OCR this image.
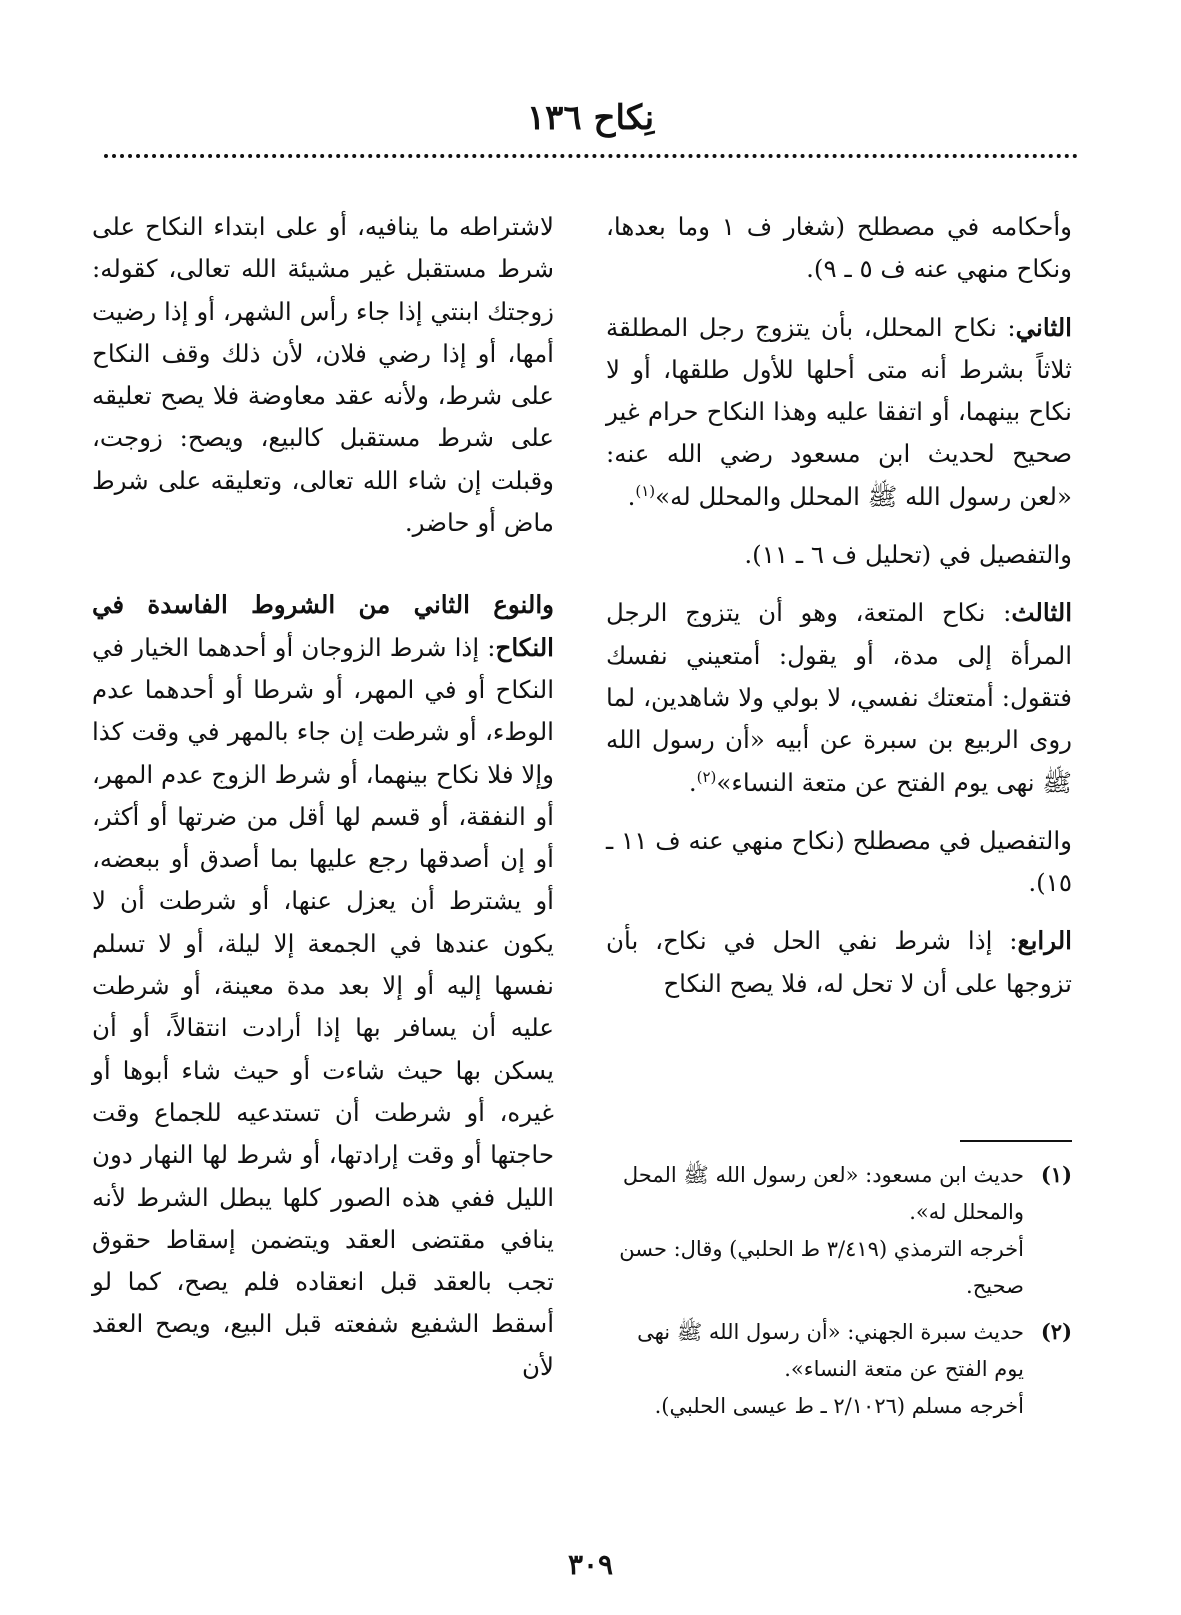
نِكاح ١٣٦

وأحكامه في مصطلح (شغار ف ١ وما بعدها، ونكاح منهي عنه ف ٥ ـ ٩).

الثاني: نكاح المحلل، بأن يتزوج رجل المطلقة ثلاثاً بشرط أنه متى أحلها للأول طلقها، أو لا نكاح بينهما، أو اتفقا عليه وهذا النكاح حرام غير صحيح لحديث ابن مسعود رضي الله عنه: «لعن رسول الله ﷺ المحلل والمحلل له»$^{(١)}$.

والتفصيل في (تحليل ف ٦ ـ ١١).

الثالث: نكاح المتعة، وهو أن يتزوج الرجل المرأة إلى مدة، أو يقول: أمتعيني نفسك فتقول: أمتعتك نفسي، لا بولي ولا شاهدين، لما روى الربيع بن سبرة عن أبيه «أن رسول الله ﷺ نهى يوم الفتح عن متعة النساء»$^{(٢)}$.

والتفصيل في مصطلح (نكاح منهي عنه ف ١١ ـ ١٥).

الرابع: إذا شرط نفي الحل في نكاح، بأن تزوجها على أن لا تحل له، فلا يصح النكاح

لاشتراطه ما ينافيه، أو على ابتداء النكاح على شرط مستقبل غير مشيئة الله تعالى، كقوله: زوجتك ابنتي إذا جاء رأس الشهر، أو إذا رضيت أمها، أو إذا رضي فلان، لأن ذلك وقف النكاح على شرط، ولأنه عقد معاوضة فلا يصح تعليقه على شرط مستقبل كالبيع، ويصح: زوجت، وقبلت إن شاء الله تعالى، وتعليقه على شرط ماض أو حاضر.

والنوع الثاني من الشروط الفاسدة في النكاح: إذا شرط الزوجان أو أحدهما الخيار في النكاح أو في المهر، أو شرطا أو أحدهما عدم الوطء، أو شرطت إن جاء بالمهر في وقت كذا وإلا فلا نكاح بينهما، أو شرط الزوج عدم المهر، أو النفقة، أو قسم لها أقل من ضرتها أو أكثر، أو إن أصدقها رجع عليها بما أصدق أو ببعضه، أو يشترط أن يعزل عنها، أو شرطت أن لا يكون عندها في الجمعة إلا ليلة، أو لا تسلم نفسها إليه أو إلا بعد مدة معينة، أو شرطت عليه أن يسافر بها إذا أرادت انتقالاً، أو أن يسكن بها حيث شاءت أو حيث شاء أبوها أو غيره، أو شرطت أن تستدعيه للجماع وقت حاجتها أو وقت إرادتها، أو شرط لها النهار دون الليل ففي هذه الصور كلها يبطل الشرط لأنه ينافي مقتضى العقد ويتضمن إسقاط حقوق تجب بالعقد قبل انعقاده فلم يصح، كما لو أسقط الشفيع شفعته قبل البيع، ويصح العقد لأن

(١)
حديث ابن مسعود: «لعن رسول الله ﷺ المحل والمحلل له».
أخرجه الترمذي (٣/٤١٩ ط الحلبي) وقال: حسن صحيح.
(٢)
حديث سبرة الجهني: «أن رسول الله ﷺ نهى يوم الفتح عن متعة النساء».
أخرجه مسلم (٢/١٠٢٦ ـ ط عيسى الحلبي).
٣٠٩
